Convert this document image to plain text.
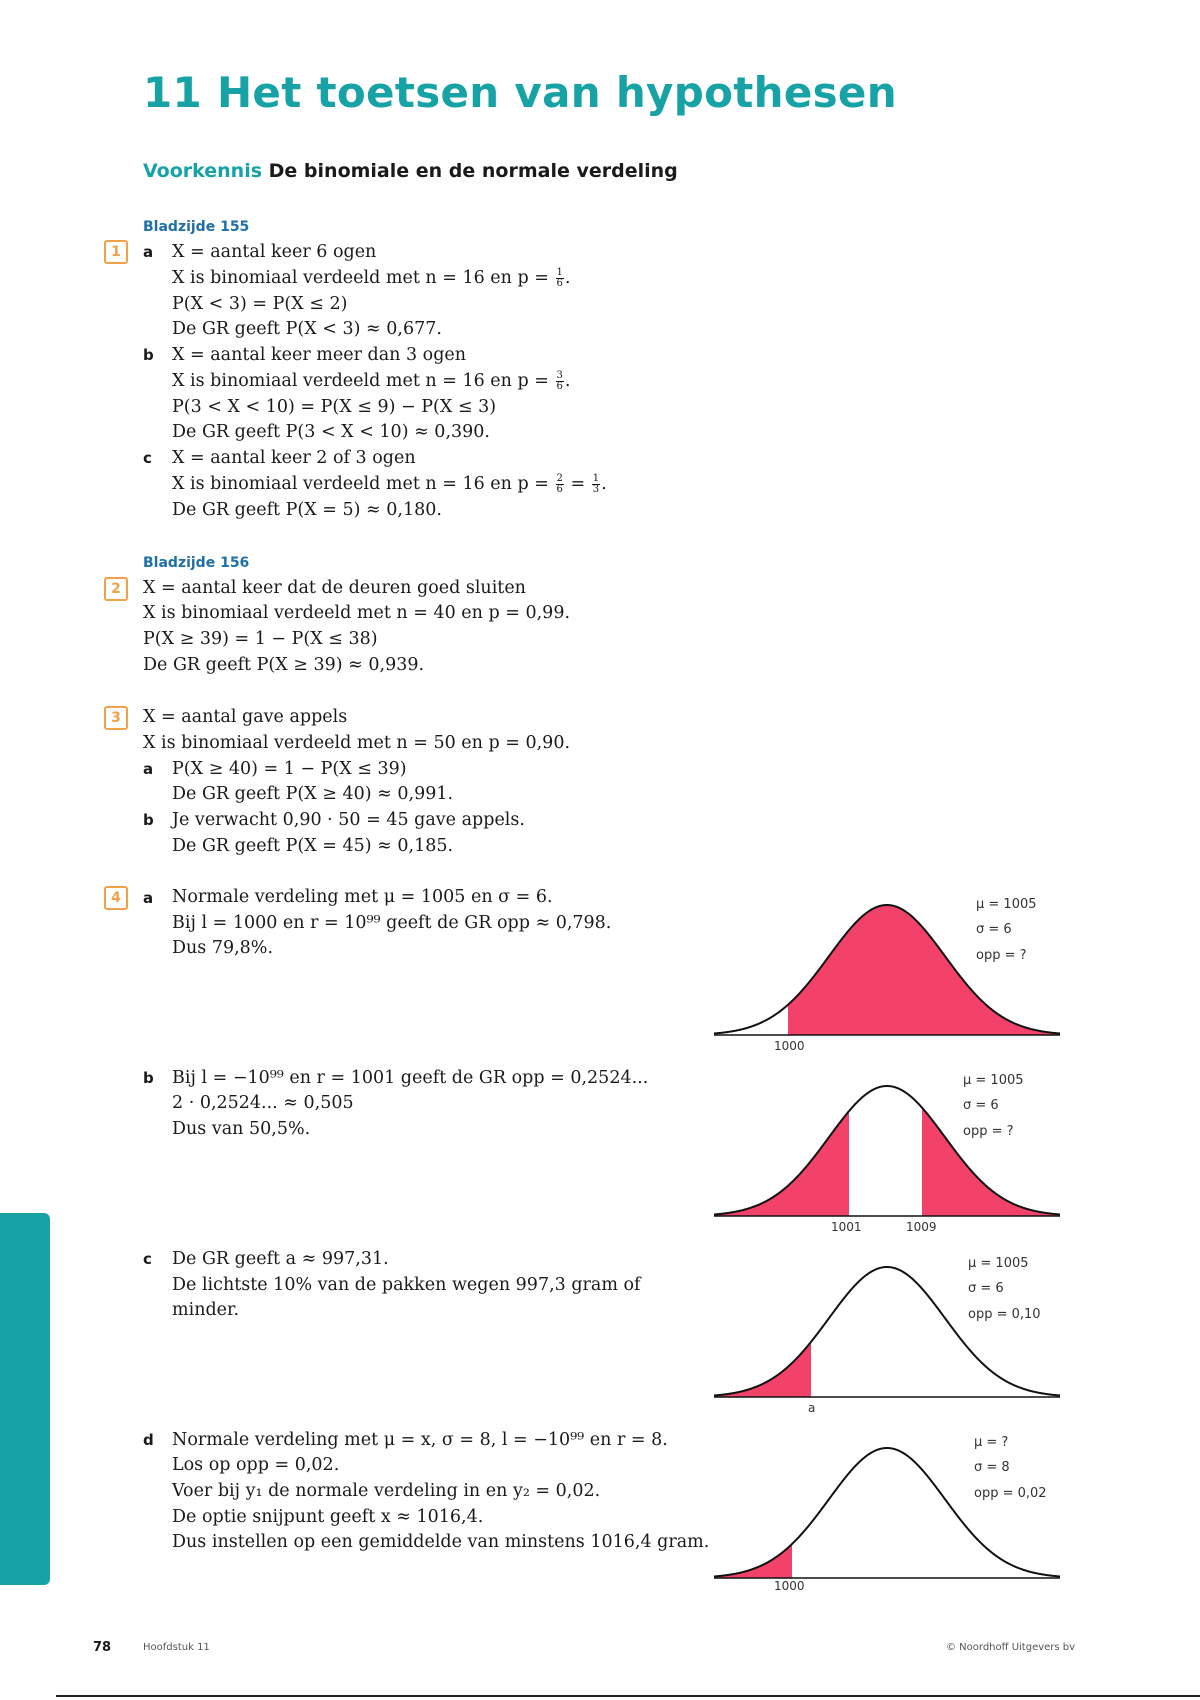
11 Het toetsen van hypothesen
Voorkennis De binomiale en de normale verdeling
Bladzijde 155
1	a X = aantal keer 6 ogen
X is binomiaal verdeeld met n = 16 en $p = \frac{1}{6}$ .
P(X < 3) = P(X ≤ 2)
De GR geeft P(X < 3) ≈ 0,677.
b X = aantal keer meer dan 3 ogen
X is binomiaal verdeeld met n = 16 en $p = \frac{3}{6}$ .
P(3 < X < 10) = P(X ≤ 9) − P(X ≤ 3)
De GR geeft P(3 < X < 10) ≈ 0,390.
c X = aantal keer 2 of 3 ogen
X is binomiaal verdeeld met n = 16 en $p = \frac{2}{6} = \frac{1}{3}$ .
De GR geeft P(X = 5) ≈ 0,180.
Bladzijde 156
2	X = aantal keer dat de deuren goed sluiten
X is binomiaal verdeeld met n = 40 en p = 0,99.
P(X ≥ 39) = 1 − P(X ≤ 38)
De GR geeft P(X ≥ 39) ≈ 0,939.
3	X = aantal gave appels
X is binomiaal verdeeld met n = 50 en p = 0,90.
a P(X ≥ 40) = 1 − P(X ≤ 39)
De GR geeft P(X ≥ 40) ≈ 0,991.
b Je verwacht 0,90 · 50 = 45 gave appels.
De GR geeft P(X = 45) ≈ 0,185.
4	a Normale verdeling met μ = 1005 en σ = 6.
Bij l = 1000 en r = 10⁹⁹ geeft de GR opp ≈ 0,798.
Dus 79,8%.
b Bij l = −10⁹⁹ en r = 1001 geeft de GR opp = 0,2524...
2 · 0,2524... ≈ 0,505
Dus van 50,5%.
c De GR geeft a ≈ 997,31.
De lichtste 10% van de pakken wegen 997,3 gram of
minder.
d Normale verdeling met μ = x, σ = 8, l = −10⁹⁹ en r = 8.
Los op opp = 0,02.
Voer bij y₁ de normale verdeling in en y₂ = 0,02.
De optie snijpunt geeft x ≈ 1016,4.
Dus instellen op een gemiddelde van minstens 1016,4 gram.
μ = 1005
σ = 6
opp = ?
1000
μ = 1005
σ = 6
opp = ?
1001	1009
μ = 1005
σ = 6
opp = 0,10
a
μ = ?
σ = 8
opp = 0,02
1000
78	Hoofdstuk 11	© Noordhoff Uitgevers bv
